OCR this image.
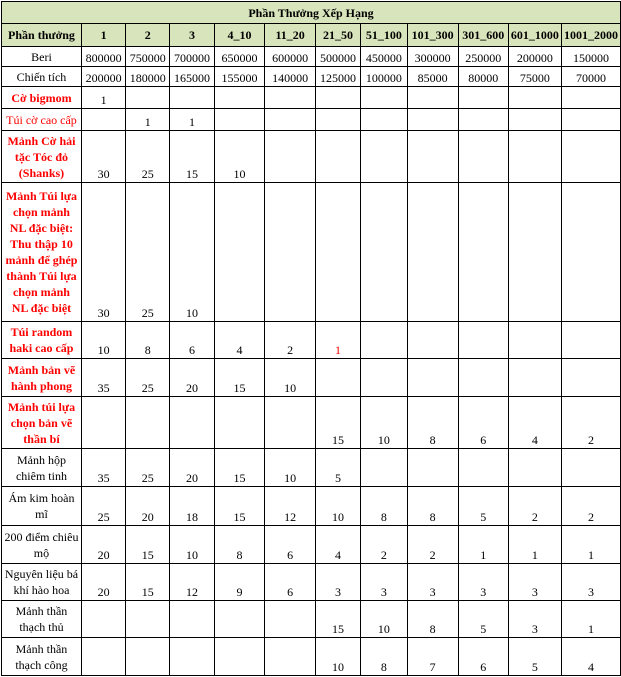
Phần Thưởng Xếp Hạng											
Phần thưởng	1	2	3	4_10	11_20	21_50	51_100	101_300	301_600	601_1000	1001_2000
Beri	800000	750000	700000	650000	600000	500000	450000	300000	250000	200000	150000
Chiến tích	200000	180000	165000	155000	140000	125000	100000	85000	80000	75000	70000
Cờ bigmom	1										
Túi cờ cao cấp		1	1								
Mảnh Cờ hải tặc Tóc đỏ (Shanks)	30	25	15	10							
Mảnh Túi lựa chọn mảnh NL đặc biệt: Thu thập 10 mảnh để ghép thành Túi lựa chọn mảnh NL đặc biệt	30	25	10								
Túi random haki cao cấp	10	8	6	4	2	1					
Mảnh bản vẽ hành phong	35	25	20	15	10						
Mảnh túi lựa chọn bản vẽ thần bí						15	10	8	6	4	2
Mảnh hộp chiêm tinh	35	25	20	15	10	5					
Ám kim hoàn mĩ	25	20	18	15	12	10	8	8	5	2	2
200 điểm chiêu mộ	20	15	10	8	6	4	2	2	1	1	1
Nguyên liệu bá khí hào hoa	20	15	12	9	6	3	3	3	3	3	3
Mảnh thần thạch thủ						15	10	8	5	3	1
Mảnh thần thạch công						10	8	7	6	5	4
